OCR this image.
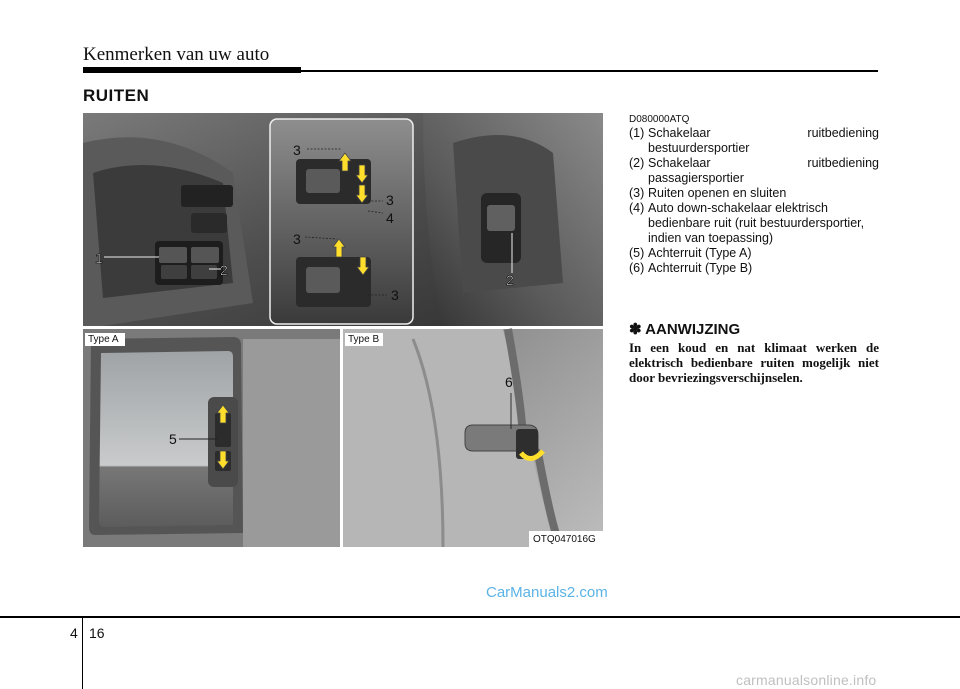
Kenmerken van uw auto
RUITEN
1
2
2
3
3
4
3
3
5
6
Type A	Type B
OTQ047016G
D080000ATQ
(1) Schakelaar	ruitbediening
bestuurdersportier
(2) Schakelaar	ruitbediening
passagiersportier
(3) Ruiten openen en sluiten
(4) Auto down-schakelaar elektrisch bedienbare ruit (ruit bestuurdersportier, indien van toepassing)
(5) Achterruit (Type A)
(6) Achterruit (Type B)
✽ AANWIJZING
In een koud en nat klimaat werken de elektrisch bedienbare ruiten mogelijk niet door bevriezingsverschijnselen.
CarManuals2.com
4 16
carmanualsonline.info
